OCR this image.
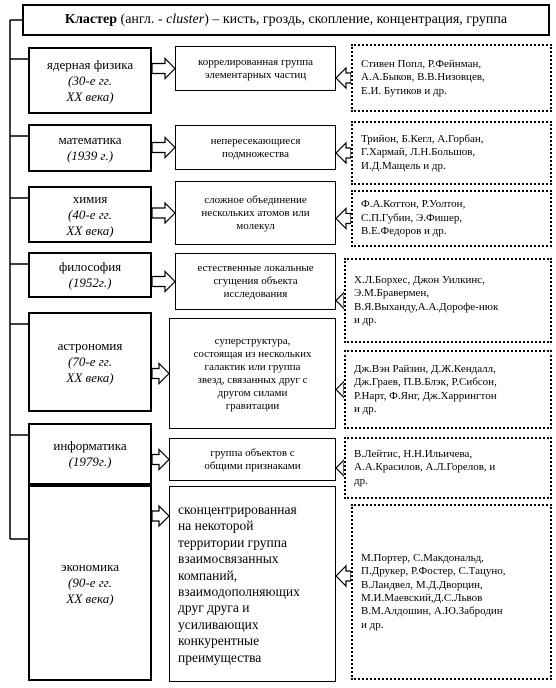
Кластер (англ. - cluster) – кисть, гроздь, скопление, концентрация, группа
ядерная физика
(30-е гг.
XX века)
коррелированная группа
элементарных частиц
Стивен Попл, Р.Фейнман,
А.А.Быков, В.В.Низовцев,
Е.И. Бутиков и др.
математика
(1939 г.)
непересекающиеся
подмножества
Трийон, Б.Кегл, А.Горбан,
Г.Хармай, Л.Н.Большов,
И.Д.Мащель и др.
химия
(40-е гг.
XX века)
сложное объединение
нескольких атомов или
молекул
Ф.А.Коттон, Р.Уолтон,
С.П.Губин, Э.Фишер,
В.Е.Федоров и др.
философия
(1952г.)
естественные локальные
сгущения объекта
исследования
Х.Л.Борхес, Джон Уилкинс,
Э.М.Бравермен,
В.Я.Выханду,А.А.Дорофе-нюк
и др.
астрономия
(70-е гг.
XX века)
суперструктура,
состоящая из нескольких
галактик или группа
звезд, связанных друг с
другом силами
гравитации
Дж.Вэн Райзин, Д.Ж.Кендалл,
Дж.Граев, П.В.Блэк, Р.Сибсон,
Р.Нарт, Ф.Янг, Дж.Харрингтон
и др.
информатика
(1979г.)
группа объектов с
общими признаками
В.Лейтис, Н.Н.Ильичева,
А.А.Красилов, А.Л.Горелов, и
др.
экономика
(90-е гг.
XX века)
сконцентрированная
на некоторой
территории группа
взаимосвязанных
компаний,
взаимодополняющих
друг друга и
усиливающих
конкурентные
преимущества
М.Портер, С.Макдональд,
П.Друкер, Р.Фостер, С.Тацуно,
В.Ландвел, М.Д.Дворцин,
М.И.Маевский,Д.С.Львов
В.М.Алдошин, А.Ю.Забродин
и др.
